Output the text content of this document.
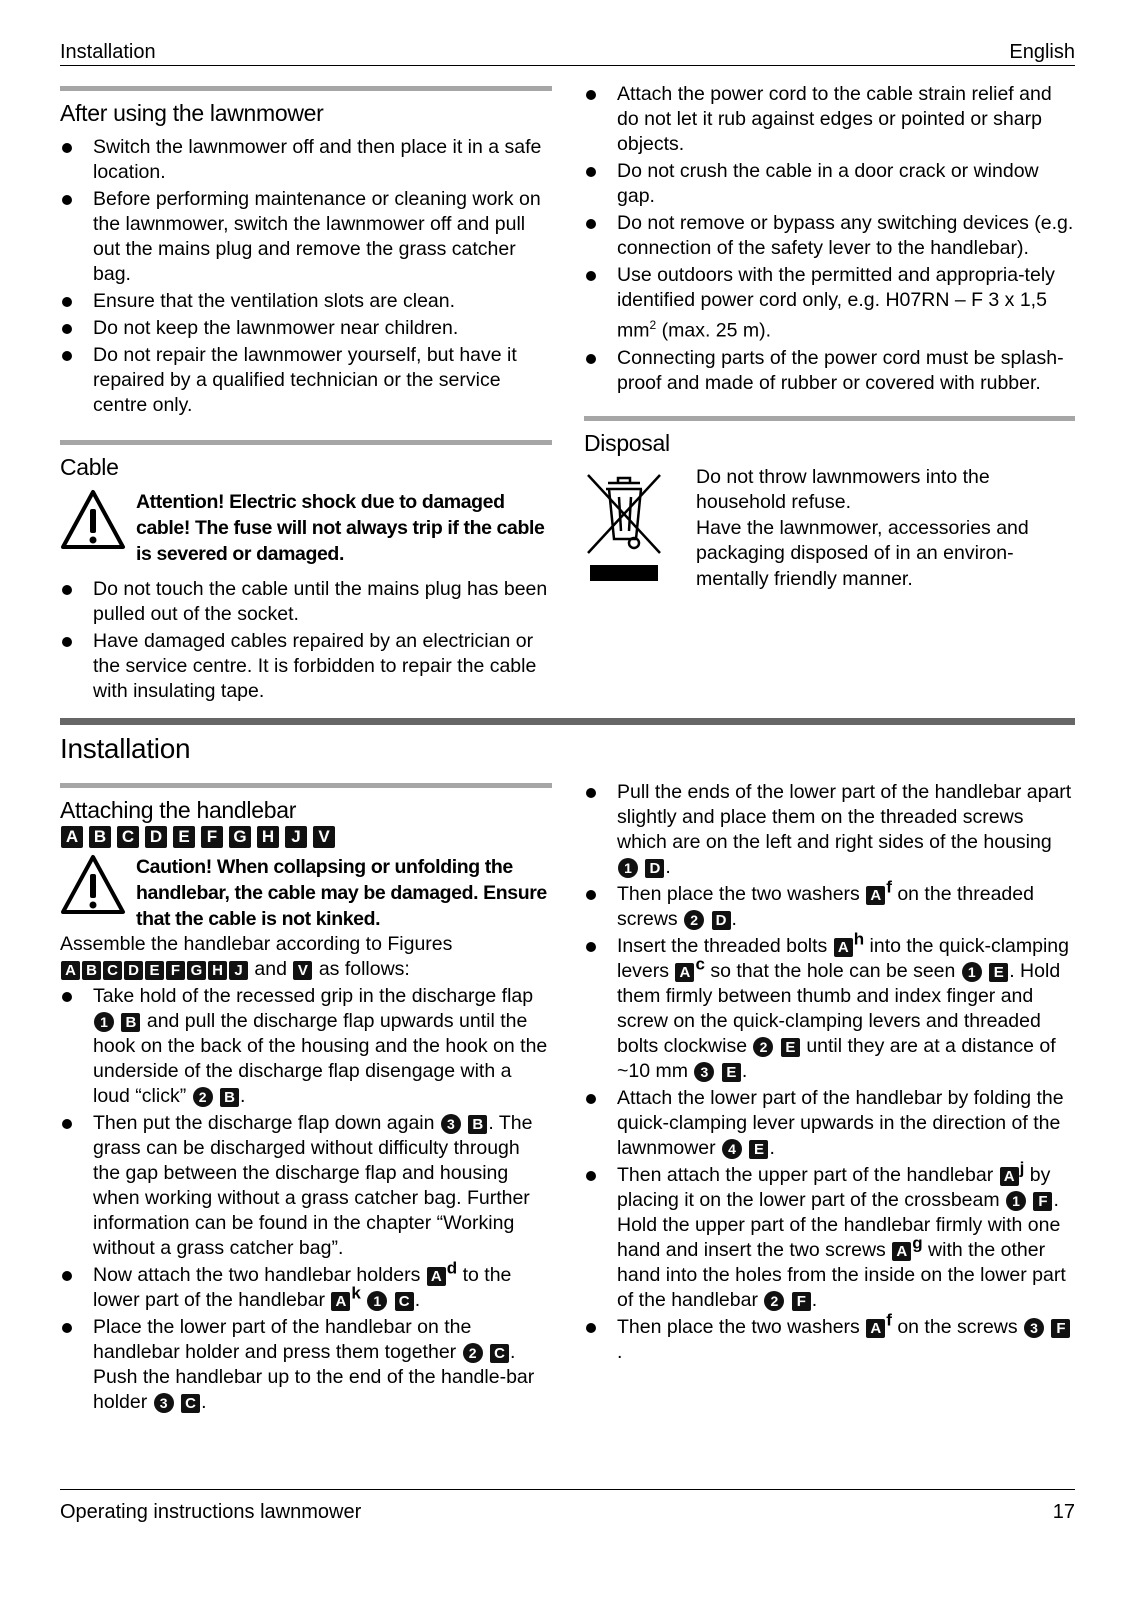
Installation	English
After using the lawnmower
Switch the lawnmower off and then place it in a safe location.
Before performing maintenance or cleaning work on the lawnmower, switch the lawnmower off and pull out the mains plug and remove the grass catcher bag.
Ensure that the ventilation slots are clean.
Do not keep the lawnmower near children.
Do not repair the lawnmower yourself, but have it repaired by a qualified technician or the service centre only.
Cable
Attention! Electric shock due to damaged cable! The fuse will not always trip if the cable is severed or damaged.
Do not touch the cable until the mains plug has been pulled out of the socket.
Have damaged cables repaired by an electrician or the service centre. It is forbidden to repair the cable with insulating tape.
Attach the power cord to the cable strain relief and do not let it rub against edges or pointed or sharp objects.
Do not crush the cable in a door crack or window gap.
Do not remove or bypass any switching devices (e.g. connection of the safety lever to the handlebar).
Use outdoors with the permitted and appropria-tely identified power cord only, e.g. H07RN – F 3 x 1,5 $mm^2$ (max. 25 m).
Connecting parts of the power cord must be splash-proof and made of rubber or covered with rubber.
Disposal
Do not throw lawnmowers into the household refuse.
Have the lawnmower, accessories and packaging disposed of in an environ-mentally friendly manner.
Installation
Attaching the handlebar
A B C D E F G H J V
Caution! When collapsing or unfolding the handlebar, the cable may be damaged. Ensure that the cable is not kinked.
Assemble the handlebar according to Figures
A B C D E F G H J and V as follows:
Take hold of the recessed grip in the discharge flap 1 B and pull the discharge flap upwards until the hook on the back of the housing and the hook on the underside of the discharge flap disengage with a loud “click” 2 B .
Then put the discharge flap down again 3 B . The grass can be discharged without difficulty through the gap between the discharge flap and housing when working without a grass catcher bag. Further information can be found in the chapter “Working without a grass catcher bag”.
Now attach the two handlebar holders A d to the lower part of the handlebar A k 1 C .
Place the lower part of the handlebar on the handlebar holder and press them together 2 C . Push the handlebar up to the end of the handle-bar holder 3 C .
Pull the ends of the lower part of the handlebar apart slightly and place them on the threaded screws which are on the left and right sides of the housing 1 D .
Then place the two washers A f on the threaded screws 2 D .
Insert the threaded bolts A h into the quick-clamping levers A c so that the hole can be seen 1 E . Hold them firmly between thumb and index finger and screw on the quick-clamping levers and threaded bolts clockwise 2 E until they are at a distance of ~10 mm 3 E .
Attach the lower part of the handlebar by folding the quick-clamping lever upwards in the direction of the lawnmower 4 E .
Then attach the upper part of the handlebar A j by placing it on the lower part of the crossbeam 1 F . Hold the upper part of the handlebar firmly with one hand and insert the two screws A g with the other hand into the holes from the inside on the lower part of the handlebar 2 F .
Then place the two washers A f on the screws 3 F.
Operating instructions lawnmower	17
